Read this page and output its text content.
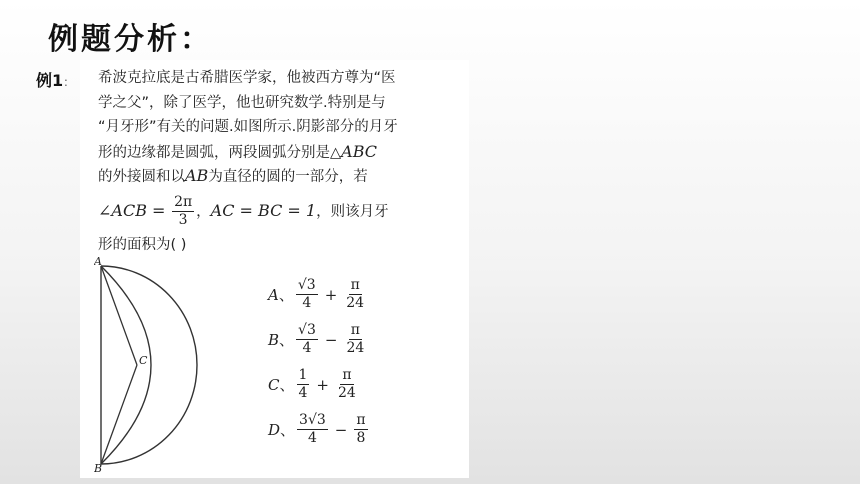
例题分析：
例1： 希波克拉底是古希腊医学家，他被西方尊为“医
学之父”，除了医学，他也研究数学.特别是与
“月牙形”有关的问题.如图所示.阴影部分的月牙
形的边缘都是圆弧，两段圆弧分别是△ABC
的外接圆和以AB为直径的圆的一部分，若
∠ACB = $\frac{2\pi}{3}$ ，AC = BC = 1，则该月牙
形的面积为( )
A
B
C
A 、 $\frac{√3}{4} + \frac{\pi}{24}$
B 、 $\frac{√3}{4} - \frac{\pi}{24}$
C 、 $\frac{1}{4} + \frac{\pi}{24}$
D 、 $\frac{3√3}{4} - \frac{\pi}{8}$
